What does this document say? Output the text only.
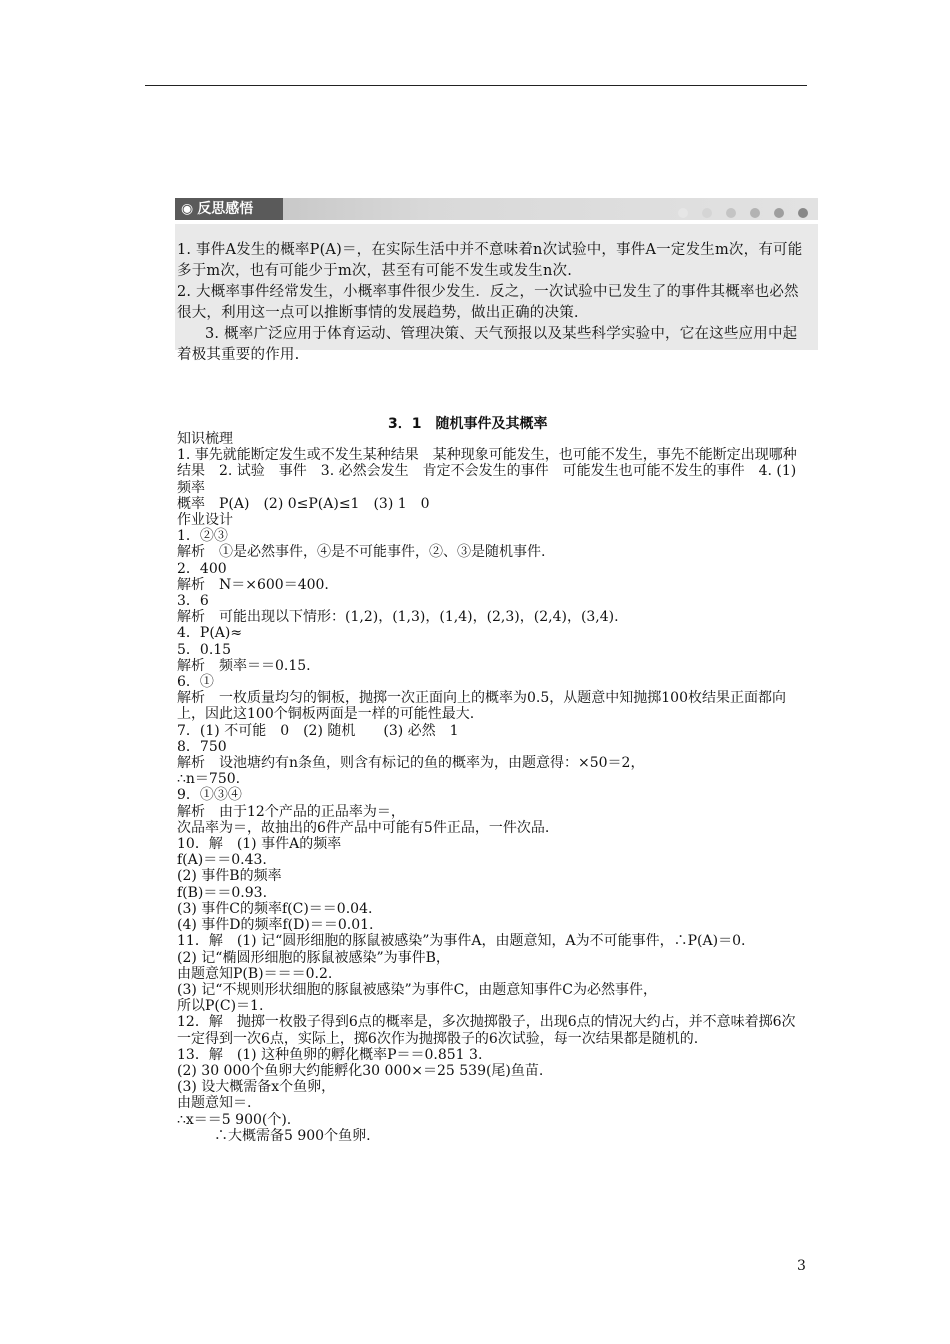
◉ 反思感悟

1. 事件A发生的概率P(A)＝，在实际生活中并不意味着n次试验中，事件A一定发生m次，有可能多于m次，也有可能少于m次，甚至有可能不发生或发生n次.

2. 大概率事件经常发生，小概率事件很少发生．反之，一次试验中已发生了的事件其概率也必然很大，利用这一点可以推断事情的发展趋势，做出正确的决策.

3. 概率广泛应用于体育运动、管理决策、天气预报以及某些科学实验中，它在这些应用中起着极其重要的作用.

3．1　随机事件及其概率

知识梳理

1. 事先就能断定发生或不发生某种结果　某种现象可能发生，也可能不发生，事先不能断定出现哪种结果　2. 试验　事件　3. 必然会发生　肯定不会发生的事件　可能发生也可能不发生的事件　4. (1) 频率

概率　P(A)　(2) 0≤P(A)≤1　(3) 1　0

作业设计

1．②③

解析　①是必然事件，④是不可能事件，②、③是随机事件.

2．400

解析　N＝×600＝400.

3．6

解析　可能出现以下情形：(1,2)，(1,3)，(1,4)，(2,3)，(2,4)，(3,4).

4．P(A)≈

5．0.15

解析　频率＝＝0.15.

6．①

解析　一枚质量均匀的铜板，抛掷一次正面向上的概率为0.5，从题意中知抛掷100枚结果正面都向上，因此这100个铜板两面是一样的可能性最大.

7．(1) 不可能　0　(2) 随机　　(3) 必然　1

8．750

解析　设池塘约有n条鱼，则含有标记的鱼的概率为，由题意得：×50＝2，

∴n＝750.

9．①③④

解析　由于12个产品的正品率为＝，

次品率为＝，故抽出的6件产品中可能有5件正品，一件次品.

10．解　(1) 事件A的频率

f(A)＝＝0.43.

(2) 事件B的频率

f(B)＝＝0.93.

(3) 事件C的频率f(C)＝＝0.04.

(4) 事件D的频率f(D)＝＝0.01.

11．解　(1) 记“圆形细胞的豚鼠被感染”为事件A，由题意知，A为不可能事件，∴P(A)＝0.

(2) 记“椭圆形细胞的豚鼠被感染”为事件B，

由题意知P(B)＝＝＝0.2.

(3) 记“不规则形状细胞的豚鼠被感染”为事件C，由题意知事件C为必然事件，

所以P(C)＝1.

12．解　抛掷一枚骰子得到6点的概率是，多次抛掷骰子，出现6点的情况大约占，并不意味着掷6次一定得到一次6点，实际上，掷6次作为抛掷骰子的6次试验，每一次结果都是随机的.

13．解　(1) 这种鱼卵的孵化概率P＝＝0.851 3.

(2) 30 000个鱼卵大约能孵化30 000×＝25 539(尾)鱼苗.

(3) 设大概需备x个鱼卵，

由题意知＝.

∴x＝＝5 900(个).

∴大概需备5 900个鱼卵.

3
